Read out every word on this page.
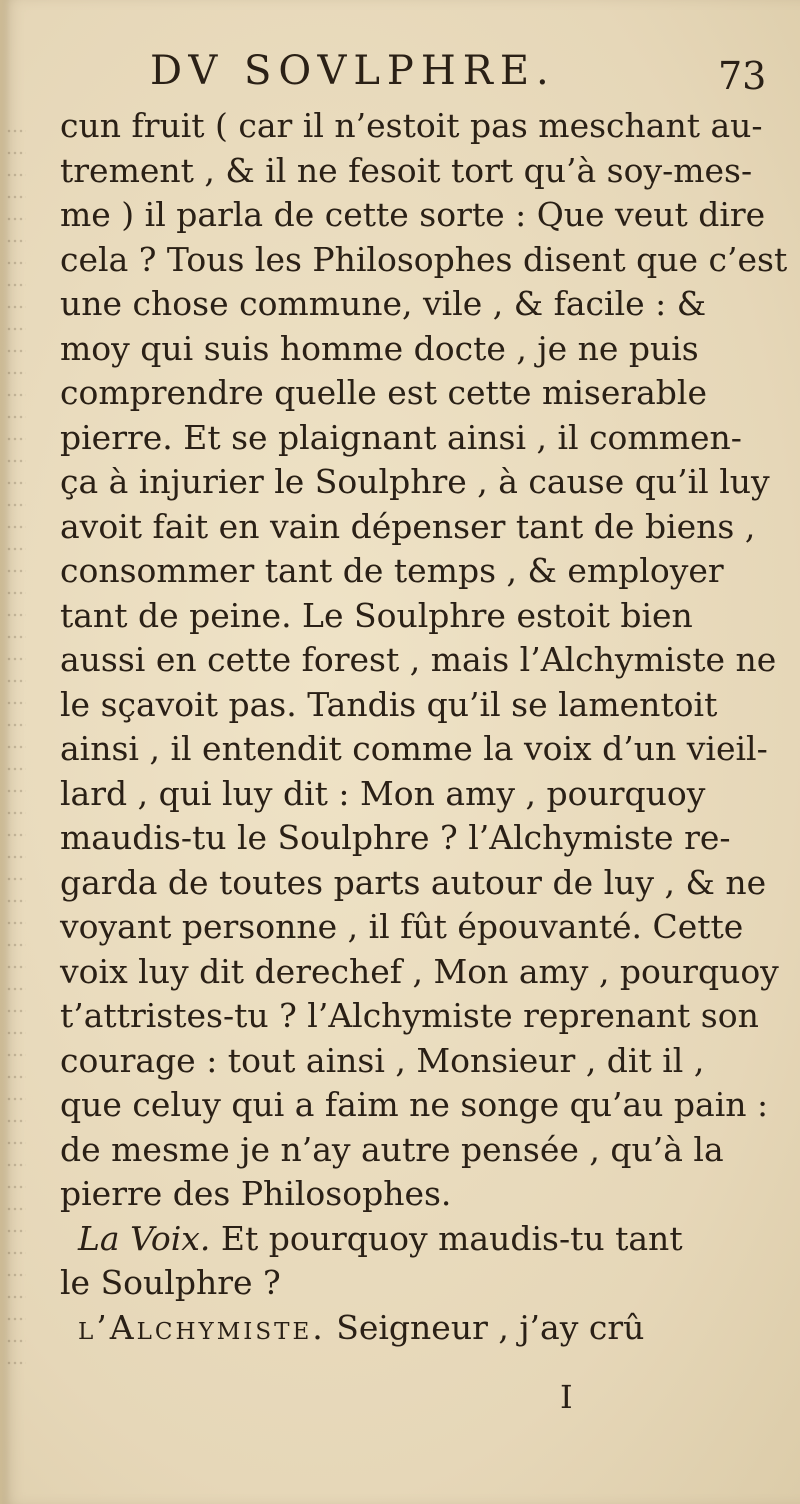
DV SOVLPHRE.	73
cun fruit ( car il n’estoit pas meschant au-
trement , & il ne fesoit tort qu’à soy-mes-
me ) il parla de cette sorte : Que veut dire
cela ? Tous les Philosophes disent que c’est
une chose commune, vile , & facile : &
moy qui suis homme docte , je ne puis
comprendre quelle est cette miserable
pierre. Et se plaignant ainsi , il commen-
ça à injurier le Soulphre , à cause qu’il luy
avoit fait en vain dépenser tant de biens ,
consommer tant de temps , & employer
tant de peine. Le Soulphre estoit bien
aussi en cette forest , mais l’Alchymiste ne
le sçavoit pas. Tandis qu’il se lamentoit
ainsi , il entendit comme la voix d’un vieil-
lard , qui luy dit : Mon amy , pourquoy
maudis-tu le Soulphre ? l’Alchymiste re-
garda de toutes parts autour de luy , & ne
voyant personne , il fût épouvanté. Cette
voix luy dit derechef , Mon amy , pourquoy
t’attristes-tu ? l’Alchymiste reprenant son
courage : tout ainsi , Monsieur , dit il ,
que celuy qui a faim ne songe qu’au pain :
de mesme je n’ay autre pensée , qu’à la
pierre des Philosophes.
La Voix. Et pourquoy maudis-tu tant
le Soulphre ?
l’Alchymiste. Seigneur , j’ay crû
I
